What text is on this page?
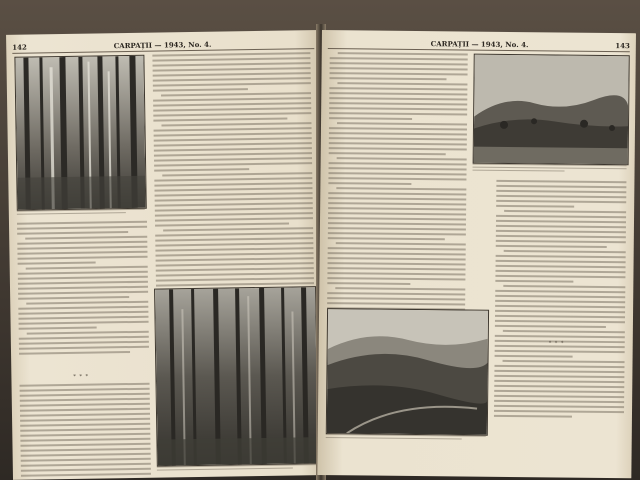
142	CARPAȚII — 1943, No. 4.
* * *
CARPAȚII — 1943, No. 4.	143
* * *
